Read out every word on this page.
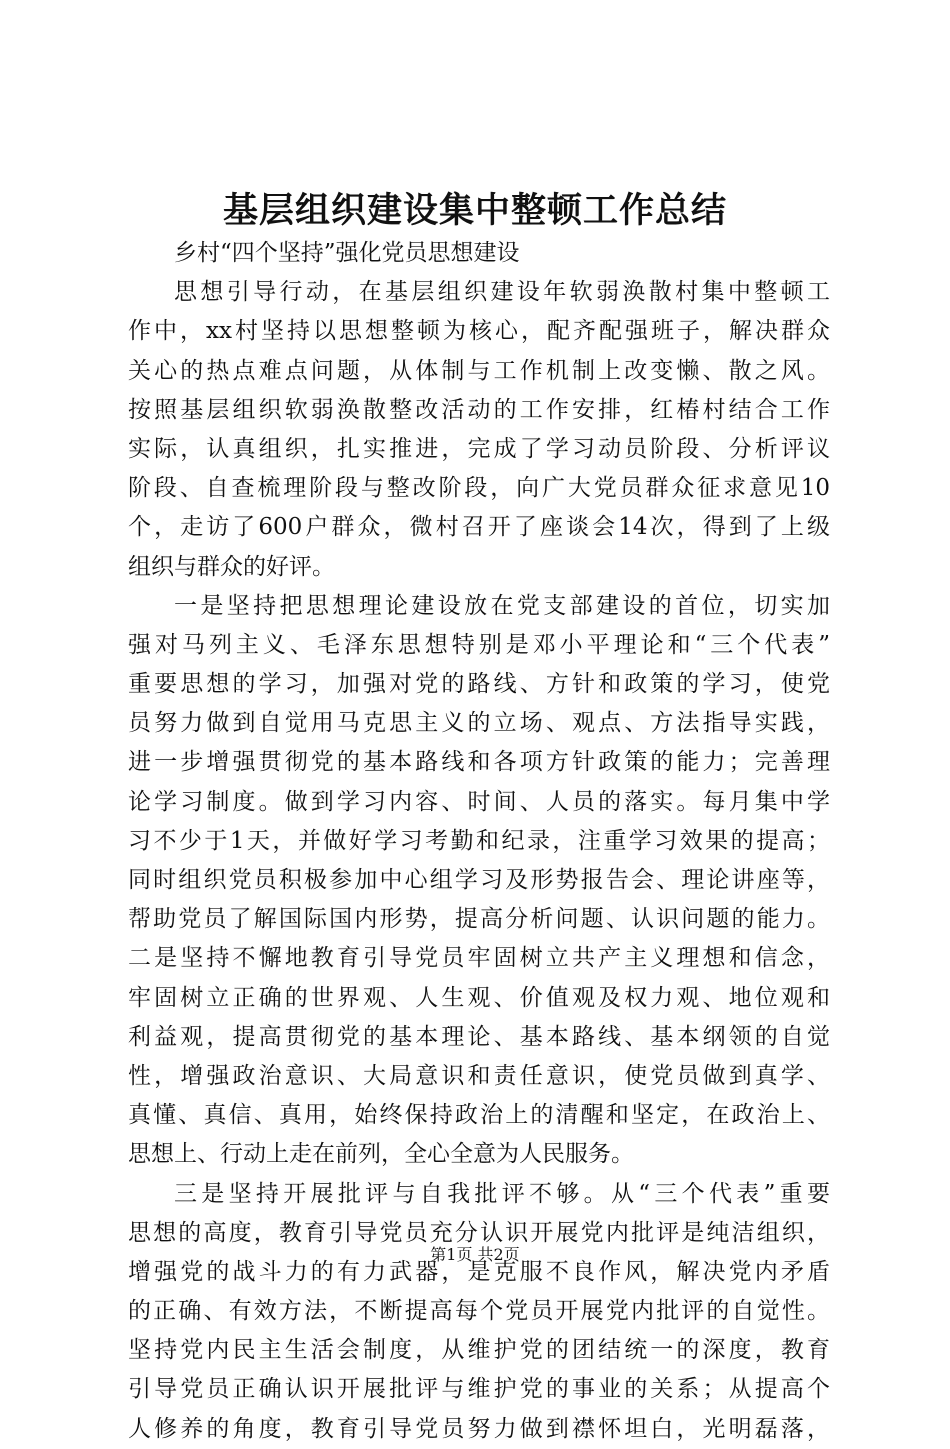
基层组织建设集中整顿工作总结
乡村“四个坚持”强化党员思想建设
思想引导行动，在基层组织建设年软弱涣散村集中整顿工
作中，xx村坚持以思想整顿为核心，配齐配强班子，解决群众
关心的热点难点问题，从体制与工作机制上改变懒、散之风。
按照基层组织软弱涣散整改活动的工作安排，红椿村结合工作
实际，认真组织，扎实推进，完成了学习动员阶段、分析评议
阶段、自查梳理阶段与整改阶段，向广大党员群众征求意见10
个，走访了600户群众，微村召开了座谈会14次，得到了上级
组织与群众的好评。
一是坚持把思想理论建设放在党支部建设的首位，切实加
强对马列主义、毛泽东思想特别是邓小平理论和“三个代表”
重要思想的学习，加强对党的路线、方针和政策的学习，使党
员努力做到自觉用马克思主义的立场、观点、方法指导实践，
进一步增强贯彻党的基本路线和各项方针政策的能力；完善理
论学习制度。做到学习内容、时间、人员的落实。每月集中学
习不少于1天，并做好学习考勤和纪录，注重学习效果的提高；
同时组织党员积极参加中心组学习及形势报告会、理论讲座等，
帮助党员了解国际国内形势，提高分析问题、认识问题的能力。
二是坚持不懈地教育引导党员牢固树立共产主义理想和信念，
牢固树立正确的世界观、人生观、价值观及权力观、地位观和
利益观，提高贯彻党的基本理论、基本路线、基本纲领的自觉
性，增强政治意识、大局意识和责任意识，使党员做到真学、
真懂、真信、真用，始终保持政治上的清醒和坚定，在政治上、
思想上、行动上走在前列，全心全意为人民服务。
三是坚持开展批评与自我批评不够。从“三个代表”重要
思想的高度，教育引导党员充分认识开展党内批评是纯洁组织，
增强党的战斗力的有力武器，是克服不良作风，解决党内矛盾
的正确、有效方法，不断提高每个党员开展党内批评的自觉性。
坚持党内民主生活会制度，从维护党的团结统一的深度，教育
引导党员正确认识开展批评与维护党的事业的关系；从提高个
人修养的角度，教育引导党员努力做到襟怀坦白，光明磊落，
第1页 共2页
